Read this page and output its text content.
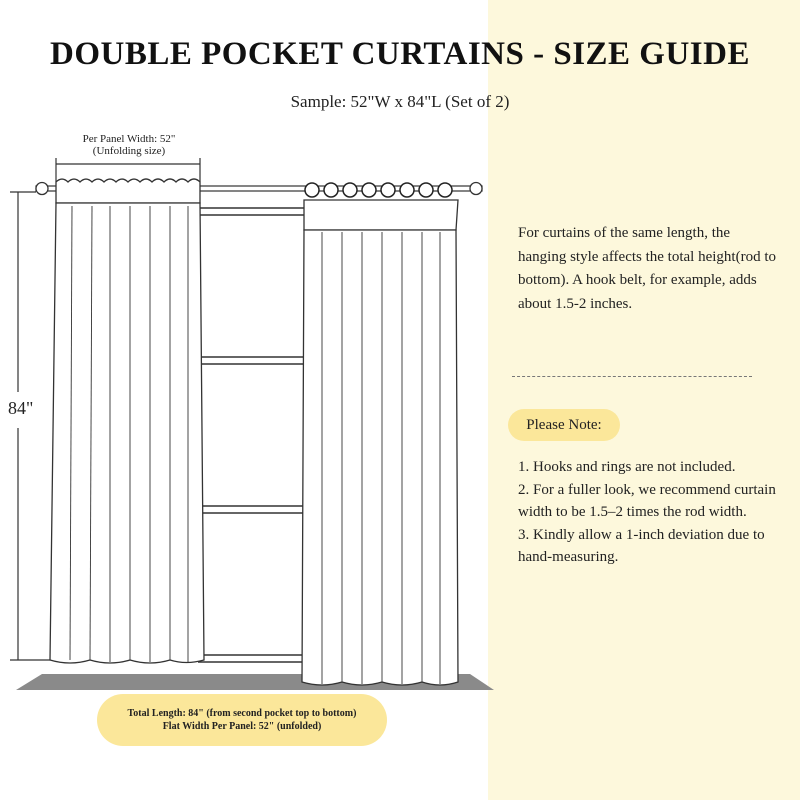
DOUBLE POCKET CURTAINS - SIZE GUIDE
Sample: 52"W x 84"L (Set of 2)
Per Panel Width: 52"
(Unfolding size)
84"
For curtains of the same length, the hanging style affects the total height(rod to bottom). A hook belt, for example, adds about 1.5-2 inches.
Please Note:
1. Hooks and rings are not included.
2. For a fuller look, we recommend curtain width to be 1.5–2 times the rod width.
3. Kindly allow a 1-inch deviation due to hand-measuring.
Total Length: 84" (from second pocket top to bottom)
Flat Width Per Panel: 52" (unfolded)
